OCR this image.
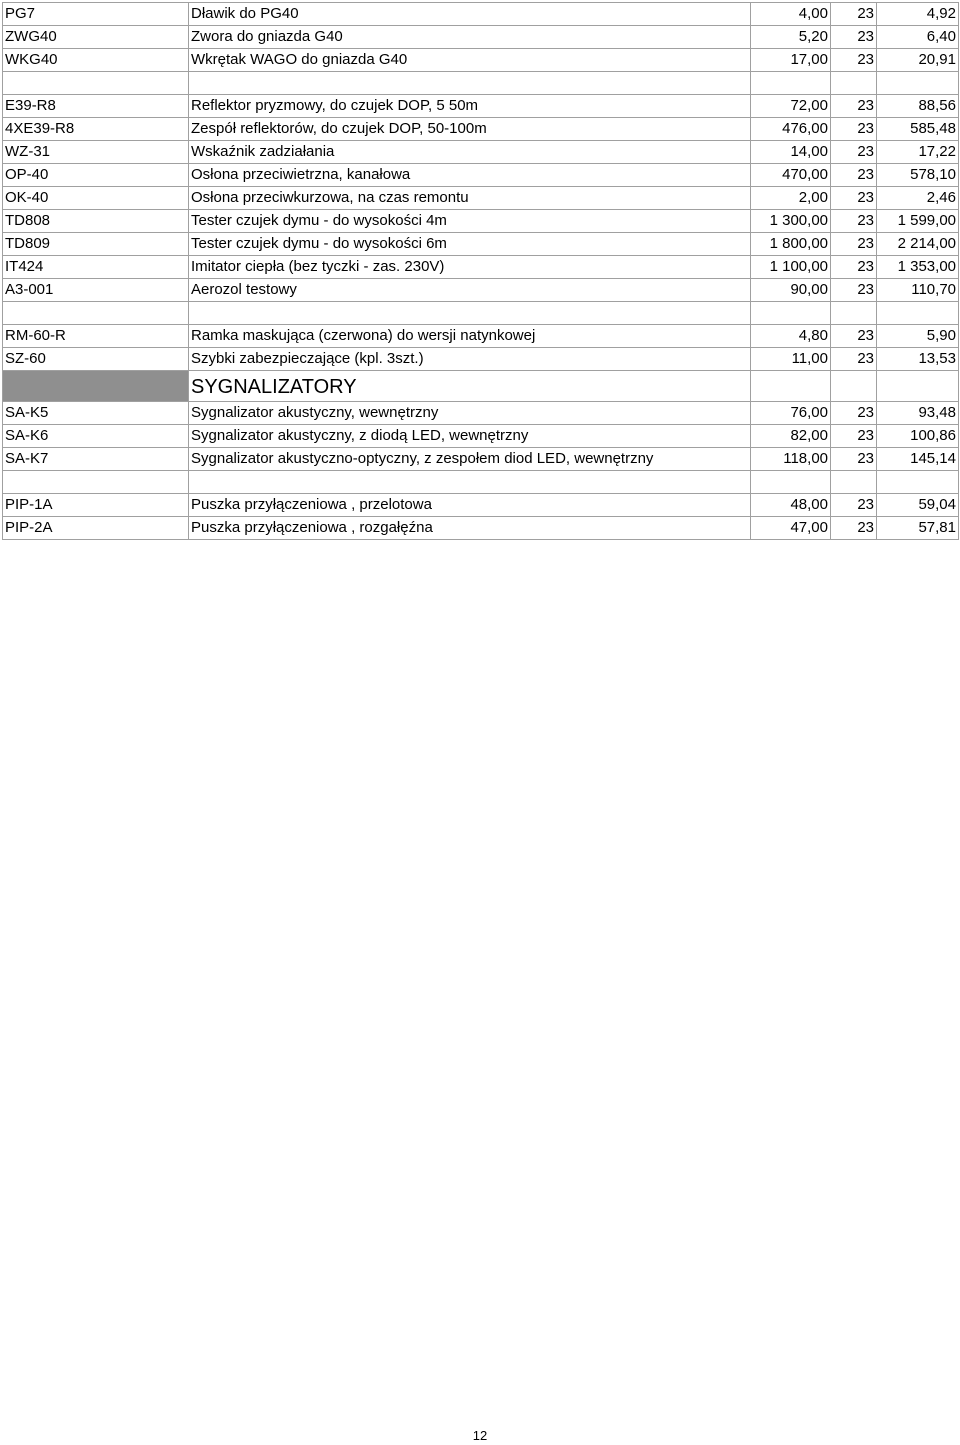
PG7	Dławik do PG40	4,00	23	4,92
ZWG40	Zwora do gniazda G40	5,20	23	6,40
WKG40	Wkrętak WAGO do gniazda G40	17,00	23	20,91

E39-R8	Reflektor pryzmowy, do czujek DOP, 5 50m	72,00	23	88,56
4XE39-R8	Zespół reflektorów, do czujek DOP, 50-100m	476,00	23	585,48
WZ-31	Wskaźnik zadziałania	14,00	23	17,22
OP-40	Osłona przeciwietrzna, kanałowa	470,00	23	578,10
OK-40	Osłona przeciwkurzowa, na czas remontu	2,00	23	2,46
TD808	Tester czujek dymu - do wysokości 4m	1 300,00	23	1 599,00
TD809	Tester czujek dymu - do wysokości 6m	1 800,00	23	2 214,00
IT424	Imitator ciepła (bez tyczki - zas. 230V)	1 100,00	23	1 353,00
A3-001	Aerozol testowy	90,00	23	110,70

RM-60-R	Ramka maskująca (czerwona) do wersji natynkowej	4,80	23	5,90
SZ-60	Szybki zabezpieczające (kpl. 3szt.)	11,00	23	13,53
	SYGNALIZATORY			
SA-K5	Sygnalizator akustyczny, wewnętrzny	76,00	23	93,48
SA-K6	Sygnalizator akustyczny, z diodą LED, wewnętrzny	82,00	23	100,86
SA-K7	Sygnalizator akustyczno-optyczny, z zespołem diod LED, wewnętrzny	118,00	23	145,14

PIP-1A	Puszka przyłączeniowa , przelotowa	48,00	23	59,04
PIP-2A	Puszka przyłączeniowa , rozgałęźna	47,00	23	57,81
12
